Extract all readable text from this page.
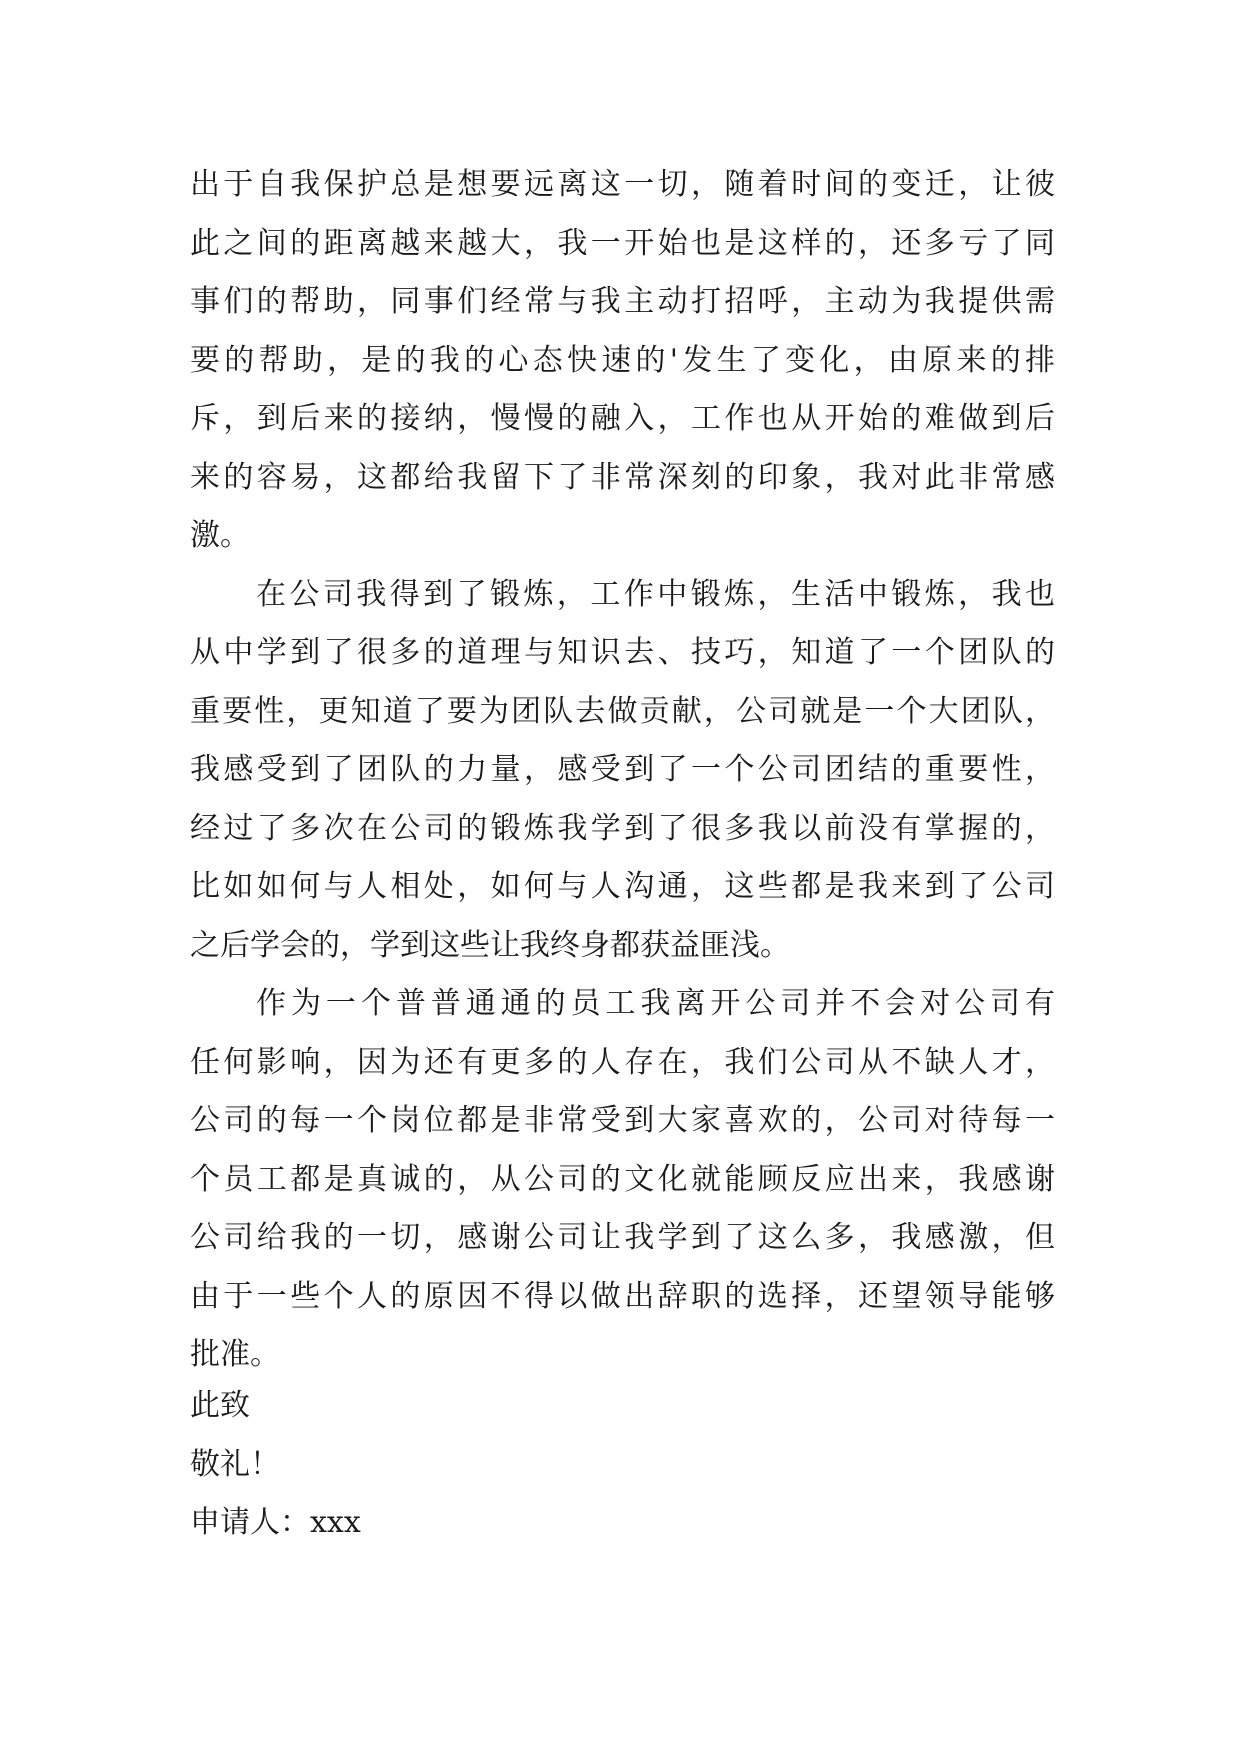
出于自我保护总是想要远离这一切，随着时间的变迁，让彼
此之间的距离越来越大，我一开始也是这样的，还多亏了同
事们的帮助，同事们经常与我主动打招呼，主动为我提供需
要的帮助，是的我的心态快速的'发生了变化，由原来的排
斥，到后来的接纳，慢慢的融入，工作也从开始的难做到后
来的容易，这都给我留下了非常深刻的印象，我对此非常感
激。
在公司我得到了锻炼，工作中锻炼，生活中锻炼，我也
从中学到了很多的道理与知识去、技巧，知道了一个团队的
重要性，更知道了要为团队去做贡献，公司就是一个大团队，
我感受到了团队的力量，感受到了一个公司团结的重要性，
经过了多次在公司的锻炼我学到了很多我以前没有掌握的，
比如如何与人相处，如何与人沟通，这些都是我来到了公司
之后学会的，学到这些让我终身都获益匪浅。
作为一个普普通通的员工我离开公司并不会对公司有
任何影响，因为还有更多的人存在，我们公司从不缺人才，
公司的每一个岗位都是非常受到大家喜欢的，公司对待每一
个员工都是真诚的，从公司的文化就能顾反应出来，我感谢
公司给我的一切，感谢公司让我学到了这么多，我感激，但
由于一些个人的原因不得以做出辞职的选择，还望领导能够
批准。
此致
敬礼！
申请人：xxx
